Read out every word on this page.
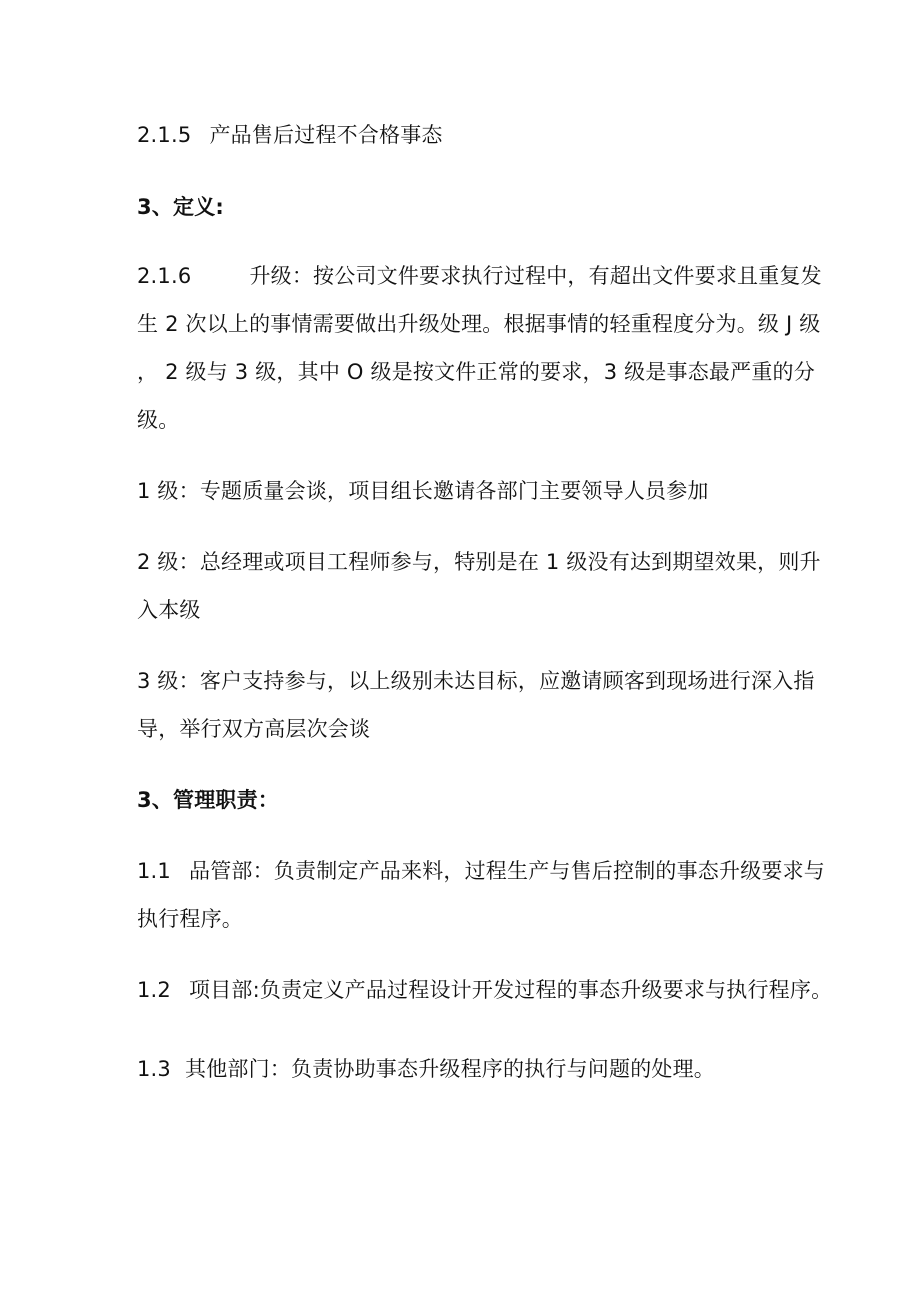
2.1.5 产品售后过程不合格事态
3、定义:
2.1.6	升级：按公司文件要求执行过程中，有超出文件要求且重复发
生 2 次以上的事情需要做出升级处理。根据事情的轻重程度分为。级 J 级
， 2 级与 3 级，其中 O 级是按文件正常的要求，3 级是事态最严重的分
级。
1 级：专题质量会谈，项目组长邀请各部门主要领导人员参加
2 级：总经理或项目工程师参与，特别是在 1 级没有达到期望效果，则升
入本级
3 级：客户支持参与，以上级别未达目标，应邀请顾客到现场进行深入指
导，举行双方高层次会谈
3、管理职责：
1.1 品管部：负责制定产品来料，过程生产与售后控制的事态升级要求与
执行程序。
1.2 项目部:负责定义产品过程设计开发过程的事态升级要求与执行程序。
1.3 其他部门：负责协助事态升级程序的执行与问题的处理。
